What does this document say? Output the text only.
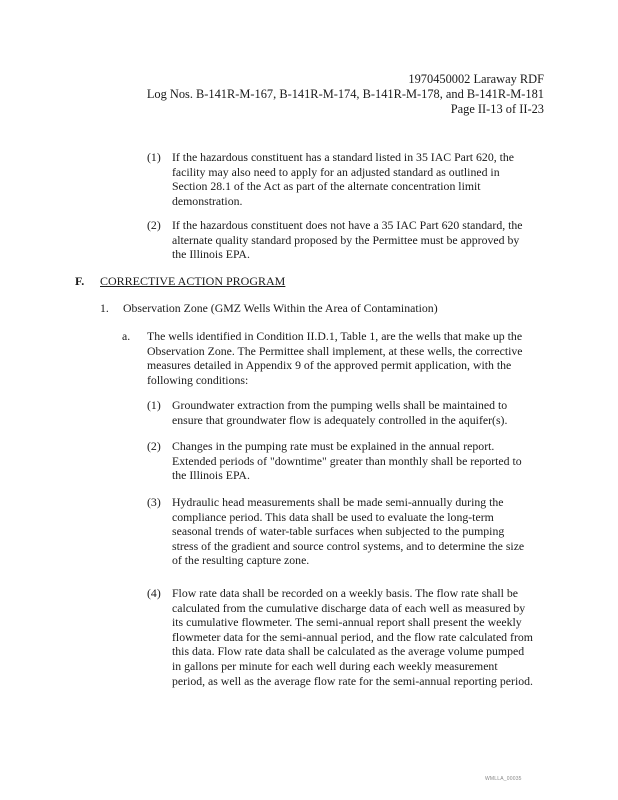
1970450002 Laraway RDF
Log Nos. B-141R-M-167, B-141R-M-174, B-141R-M-178, and B-141R-M-181
Page II-13 of II-23
(1) If the hazardous constituent has a standard listed in 35 IAC Part 620, the
facility may also need to apply for an adjusted standard as outlined in
Section 28.1 of the Act as part of the alternate concentration limit
demonstration.
(2) If the hazardous constituent does not have a 35 IAC Part 620 standard, the
alternate quality standard proposed by the Permittee must be approved by
the Illinois EPA.
F. CORRECTIVE ACTION PROGRAM
1. Observation Zone (GMZ Wells Within the Area of Contamination)
a. The wells identified in Condition II.D.1, Table 1, are the wells that make up the
Observation Zone. The Permittee shall implement, at these wells, the corrective
measures detailed in Appendix 9 of the approved permit application, with the
following conditions:
(1) Groundwater extraction from the pumping wells shall be maintained to
ensure that groundwater flow is adequately controlled in the aquifer(s).
(2) Changes in the pumping rate must be explained in the annual report.
Extended periods of "downtime" greater than monthly shall be reported to
the Illinois EPA.
(3) Hydraulic head measurements shall be made semi-annually during the
compliance period. This data shall be used to evaluate the long-term
seasonal trends of water-table surfaces when subjected to the pumping
stress of the gradient and source control systems, and to determine the size
of the resulting capture zone.
(4) Flow rate data shall be recorded on a weekly basis. The flow rate shall be
calculated from the cumulative discharge data of each well as measured by
its cumulative flowmeter. The semi-annual report shall present the weekly
flowmeter data for the semi-annual period, and the flow rate calculated from
this data. Flow rate data shall be calculated as the average volume pumped
in gallons per minute for each well during each weekly measurement
period, as well as the average flow rate for the semi-annual reporting period.
WMLLA_00035
